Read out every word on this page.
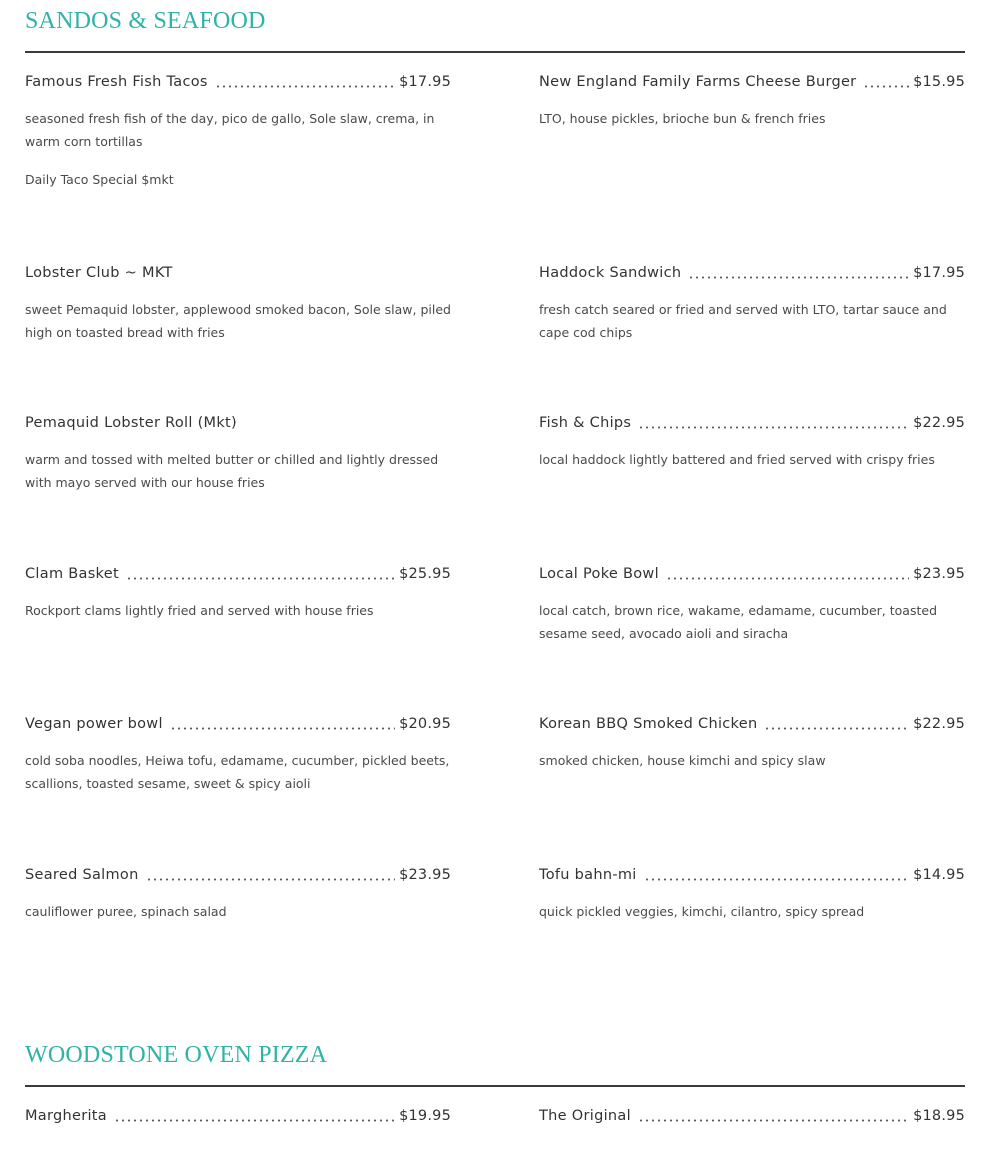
SANDOS & SEAFOOD
Famous Fresh Fish Tacos	$17.95

seasoned fresh fish of the day, pico de gallo, Sole slaw, crema, in warm corn tortillas

Daily Taco Special $mkt

New England Family Farms Cheese Burger	$15.95

LTO, house pickles, brioche bun & french fries

Lobster Club ~ MKT

sweet Pemaquid lobster, applewood smoked bacon, Sole slaw, piled high on toasted bread with fries

Haddock Sandwich	$17.95

fresh catch seared or fried and served with LTO, tartar sauce and cape cod chips

Pemaquid Lobster Roll (Mkt)

warm and tossed with melted butter or chilled and lightly dressed with mayo served with our house fries

Fish & Chips	$22.95

local haddock lightly battered and fried served with crispy fries

Clam Basket	$25.95

Rockport clams lightly fried and served with house fries

Local Poke Bowl	$23.95

local catch, brown rice, wakame, edamame, cucumber, toasted sesame seed, avocado aioli and siracha

Vegan power bowl	$20.95

cold soba noodles, Heiwa tofu, edamame, cucumber, pickled beets, scallions, toasted sesame, sweet & spicy aioli

Korean BBQ Smoked Chicken	$22.95

smoked chicken, house kimchi and spicy slaw

Seared Salmon	$23.95

cauliflower puree, spinach salad

Tofu bahn-mi	$14.95

quick pickled veggies, kimchi, cilantro, spicy spread

WOODSTONE OVEN PIZZA
Margherita	$19.95	The Original	$18.95
